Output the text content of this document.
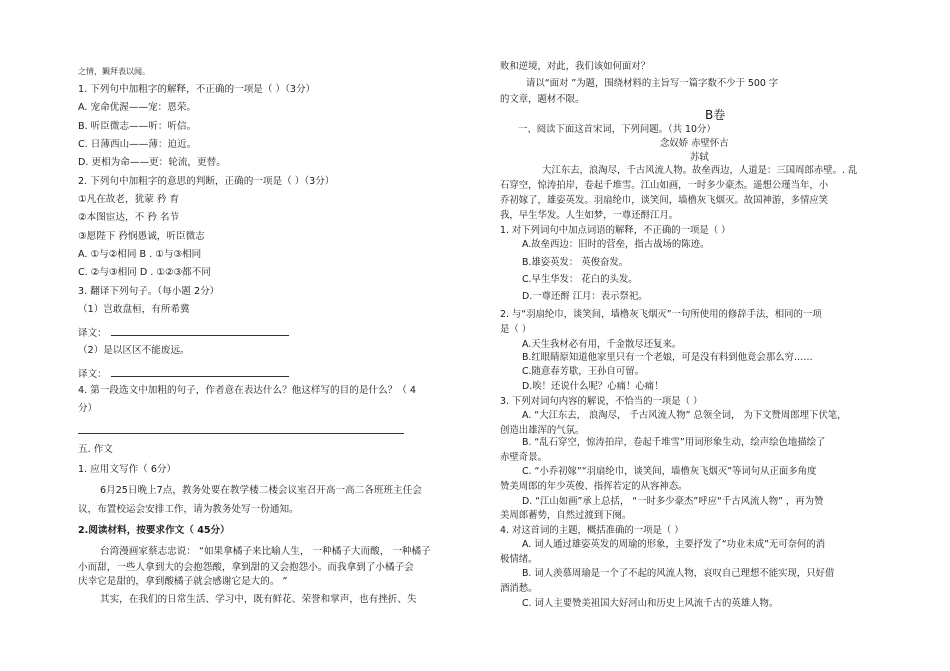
之情，覲拜表以闻。
1. 下列句中加粗字的解释，不正确的一项是（ ）（3分）
A. 宠命优渥——宠：恩荣。
B. 听臣微志——听：听信。
C. 日薄西山——薄：迫近。
D. 更相为命——更：轮流，更替。
2. 下列句中加粗字的意思的判断，正确的一项是（ ）（3分）
①凡在故老，犹蒙 矜 育
②本图宦达，不 矜 名节
③愿陛下 矜悯愚诚，听臣微志
A. ①与②相同 B . ①与③相同
C. ②与③相同 D . ①②③都不同
3. 翻译下列句子。（每小题 2分）
（1）岂敢盘桓，有所希冀
译文：
（2）是以区区不能废远。
译文：
4. 第一段选文中加粗的句子，作者意在表达什么？他这样写的目的是什么？（ 4
分）
五. 作文
1. 应用文写作（ 6分）
6月25日晚上7点，教务处要在教学楼二楼会议室召开高一高二各班班主任会
议，布置校运会安排工作，请为教务处写一份通知。
2.阅读材料，按要求作文（ 45分）
台湾漫画家蔡志忠说： “如果拿橘子来比喻人生， 一种橘子大而酸， 一种橘子
小而甜，一些人拿到大的会抱怨酸，拿到甜的又会抱怨小。而我拿到了小橘子会
庆幸它是甜的，拿到酸橘子就会感谢它是大的。 ”
其实，在我们的日常生活、学习中，既有鲜花、荣誉和掌声，也有挫折、失
败和逆境，对此，我们该如何面对？
请以“面对 ”为题，围绕材料的主旨写一篇字数不少于 500 字
的文章，题材不限。
B卷
一、阅读下面这首宋词，下列问题。（共 10分）
念奴娇 赤壁怀古
苏轼
大江东去，浪淘尽，千古风流人物。故垒西边，人道是：三国周郎赤壁。. 乱
石穿空，惊涛拍岸，卷起千堆雪。江山如画，一时多少豪杰。遥想公瑾当年，小
乔初嫁了，雄姿英发。羽扇纶巾，谈笑间，墙橹灰飞烟灭。故国神游，多情应笑
我，早生华发。人生如梦，一尊还酹江月。
1. 对下列词句中加点词语的解释，不正确的一项是（ ）
A.故垒西边：旧时的营垒，指古战场的陈迹。
B.雄姿英发： 英俊奋发。
C.早生华发： 花白的头发。
D.一尊还酹 江月：表示祭祀。
2. 与“羽扇纶巾，谈笑间，墙橹灰飞烟灭”一句所使用的修辞手法，相同的一项
是（ ）
A.天生我材必有用，千金散尽还复来。
B.红眼睛原知道他家里只有一个老娘，可是没有料到他竟会那么穷……
C.随意春芳歇，王孙自可留。
D.唉！还说什么呢？心痛！心痛！
3. 下列对词句内容的解说，不恰当的一项是（ ）
A. “大江东去， 浪淘尽， 千古风流人物” 总领全词， 为下文赞周郎埋下伏笔，
创造出雄浑的气氛。
B. “乱石穿空，惊涛拍岸，卷起千堆雪”用词形象生动，绘声绘色地描绘了
赤壁奇景。
C. “小乔初嫁”“羽扇纶巾，谈笑间，墙橹灰飞烟灭”等词句从正面多角度
赞美周郎的年少英俊、指挥若定的从容神态。
D. “江山如画”承上总括， “一时多少豪杰”呼应“千古风流人物” ，再为赞
美周郎蓄势，自然过渡到下阕。
4. 对这首词的主题，概括准确的一项是（ ）
A. 词人通过雄姿英发的周瑜的形象，主要抒发了“功业未成”无可奈何的消
极情绪。
B. 词人羡慕周瑜是一个了不起的风流人物，哀叹自己理想不能实现，只好借
酒消愁。
C. 词人主要赞美祖国大好河山和历史上风流千古的英雄人物。
